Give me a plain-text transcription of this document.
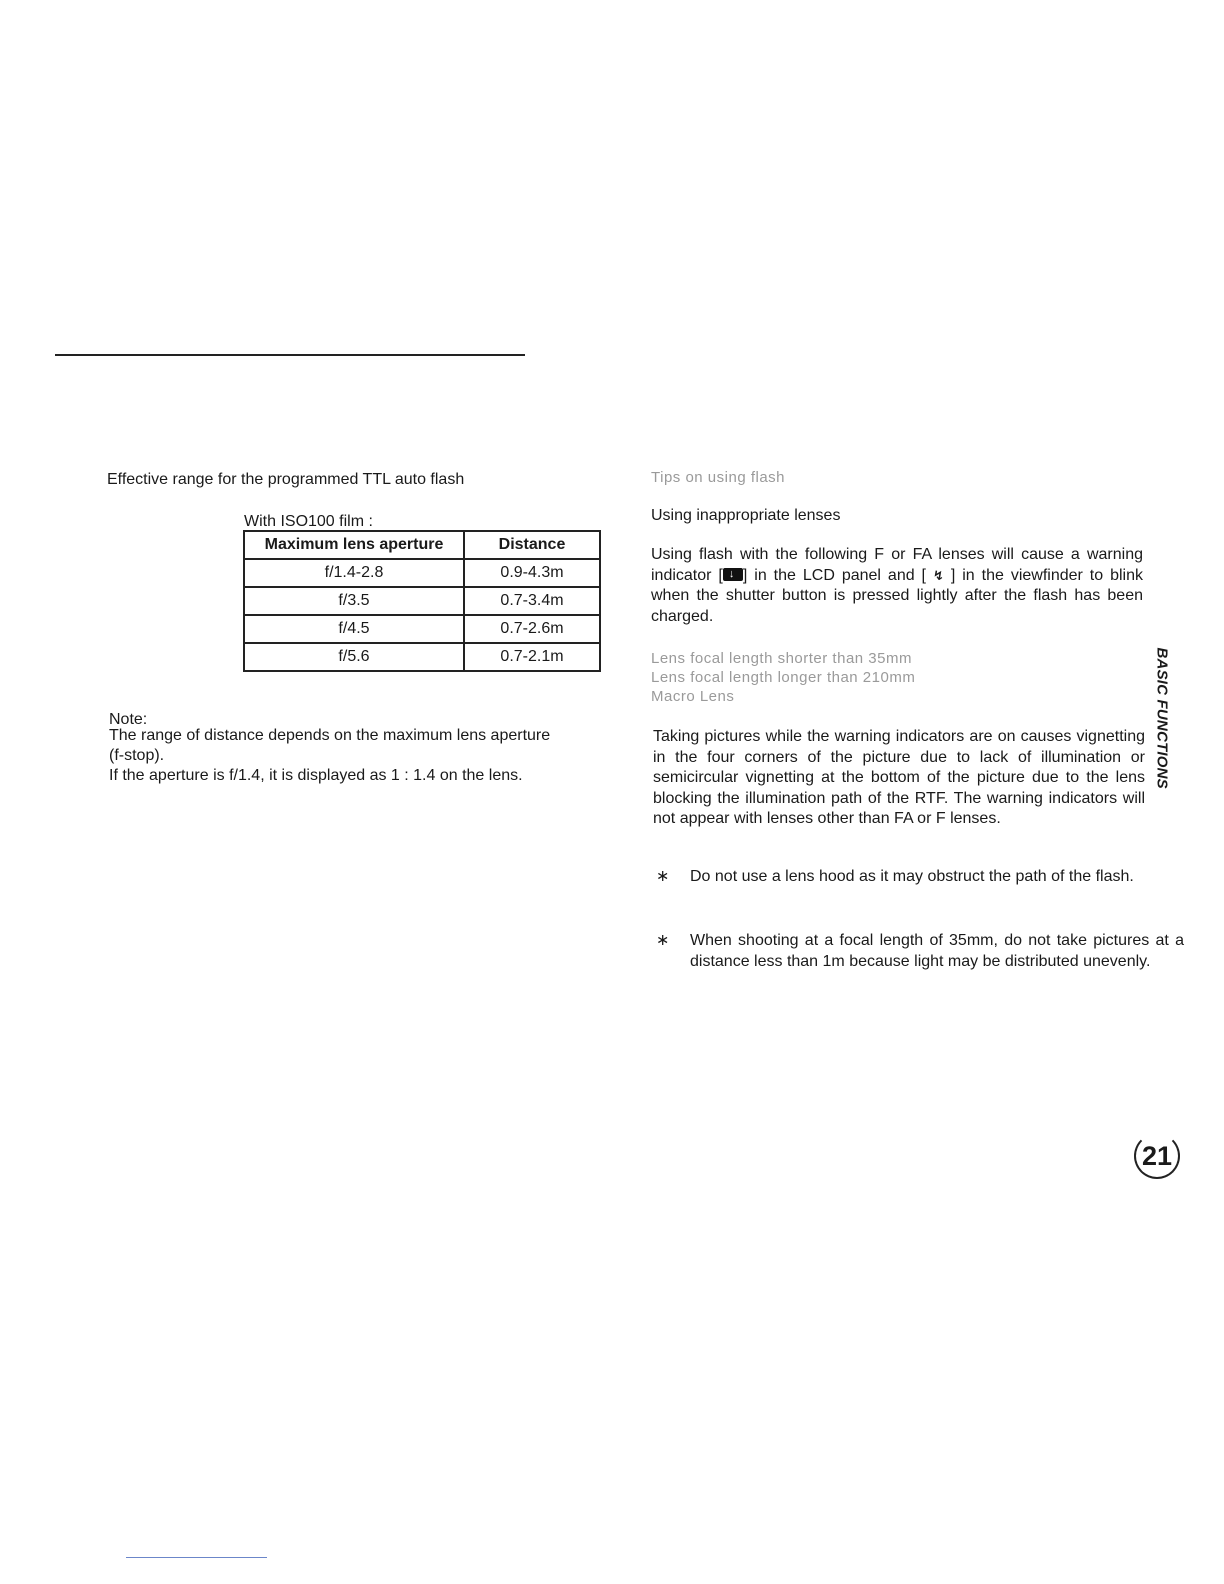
Effective range for the programmed TTL auto flash
With ISO100 film :
Maximum lens aperture	Distance
f/1.4-2.8	0.9-4.3m
f/3.5	0.7-3.4m
f/4.5	0.7-2.6m
f/5.6	0.7-2.1m
Note:

The range of distance depends on the maximum lens aperture

(f-stop).

If the aperture is f/1.4, it is displayed as 1 : 1.4 on the lens.

Tips on using flash
Using inappropriate lenses
Using flash with the following F or FA lenses will cause a warning indicator [ ↓ ] in the LCD panel and [ ↯ ] in the viewfinder to blink when the shutter button is pressed lightly after the flash has been charged.
Lens focal length shorter than 35mm
Lens focal length longer than 210mm
Macro Lens
Taking pictures while the warning indicators are on causes vignetting in the four corners of the picture due to lack of illumination or semicircular vignetting at the bottom of the picture due to the lens blocking the illumination path of the RTF. The warning indicators will not appear with lenses other than FA or F lenses.
∗ Do not use a lens hood as it may obstruct the path of the flash.
∗ When shooting at a focal length of 35mm, do not take pictures at a distance less than 1m because light may be distributed unevenly.
BASIC FUNCTIONS
21
